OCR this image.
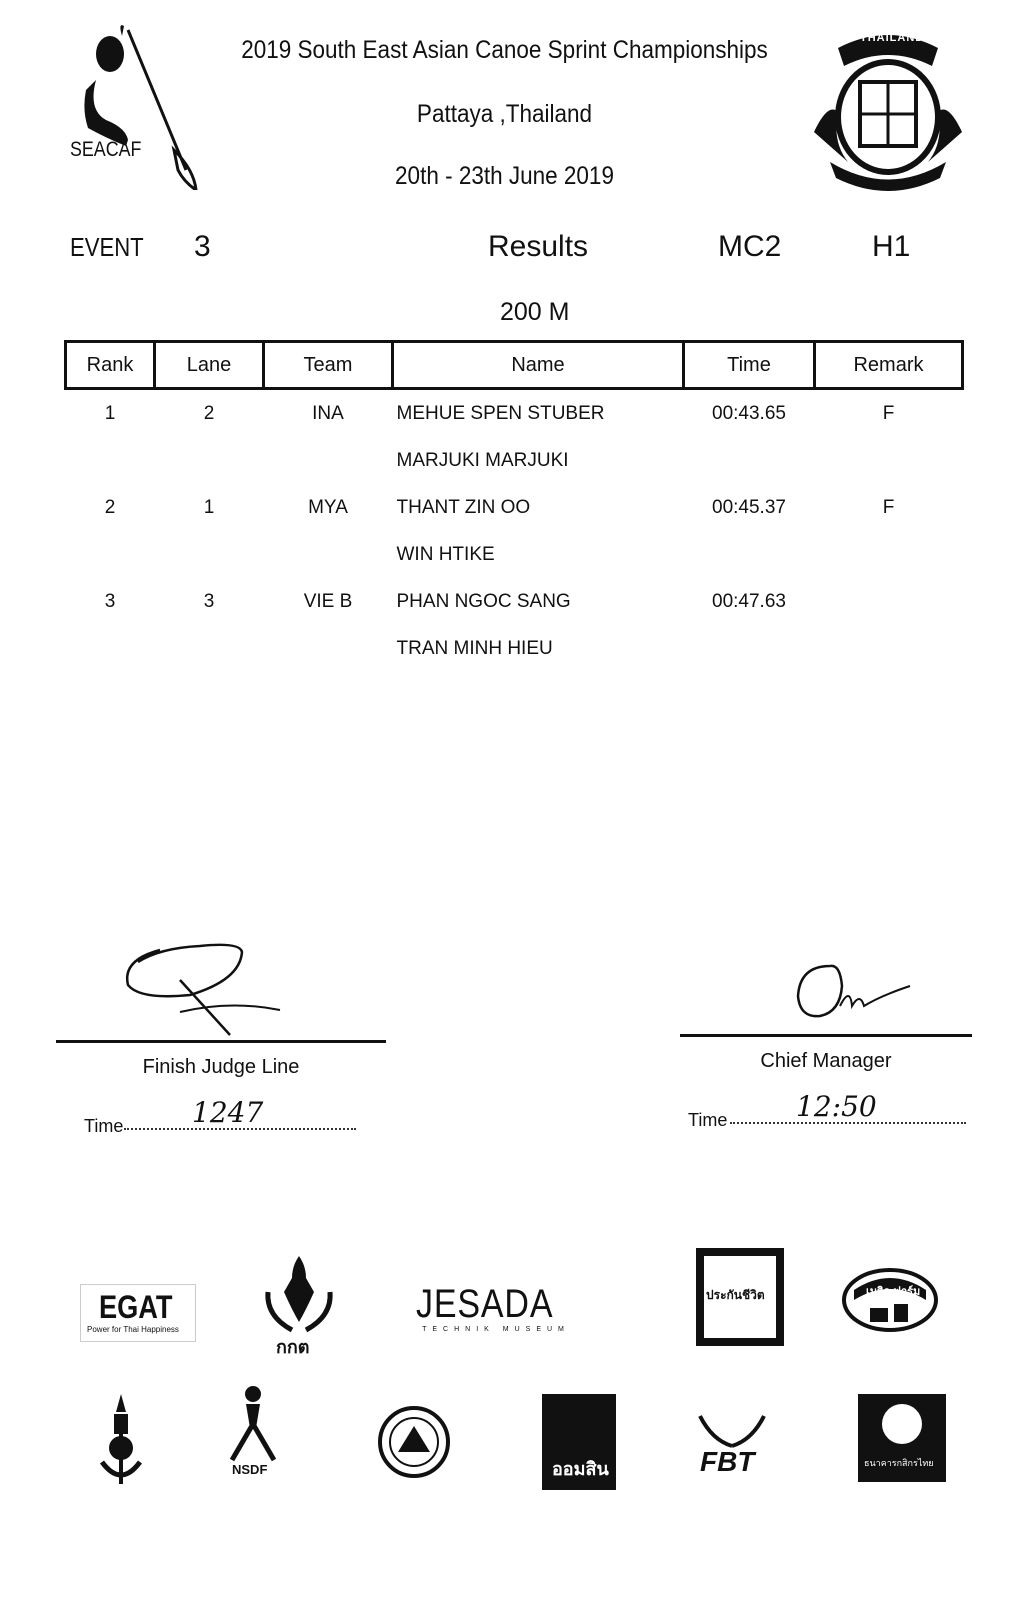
SEACAF
2019 South East Asian Canoe Sprint Championships
Pattaya ,Thailand
20th - 23th June 2019
THAILAND
EVENT 3	Results	MC2	H1
200 M
Rank	Lane	Team	Name	Time	Remark
1	2	INA	MEHUE SPEN STUBER	00:43.65	F
			MARJUKI MARJUKI		
2	1	MYA	THANT ZIN OO	00:45.37	F
			WIN HTIKE		
3	3	VIE B	PHAN NGOC SANG	00:47.63	
			TRAN MINH HIEU		
Finish Judge Line
Time 1247
Chief Manager
Time 12:50
EGAT
Power for Thai Happiness
กกต
JESADA
TECHNIK MUSEUM
ประกันชีวิต	เมจิก ฟาร์ม
NSDF	ออมสิน	FBT	ธนาคารกสิกรไทย
